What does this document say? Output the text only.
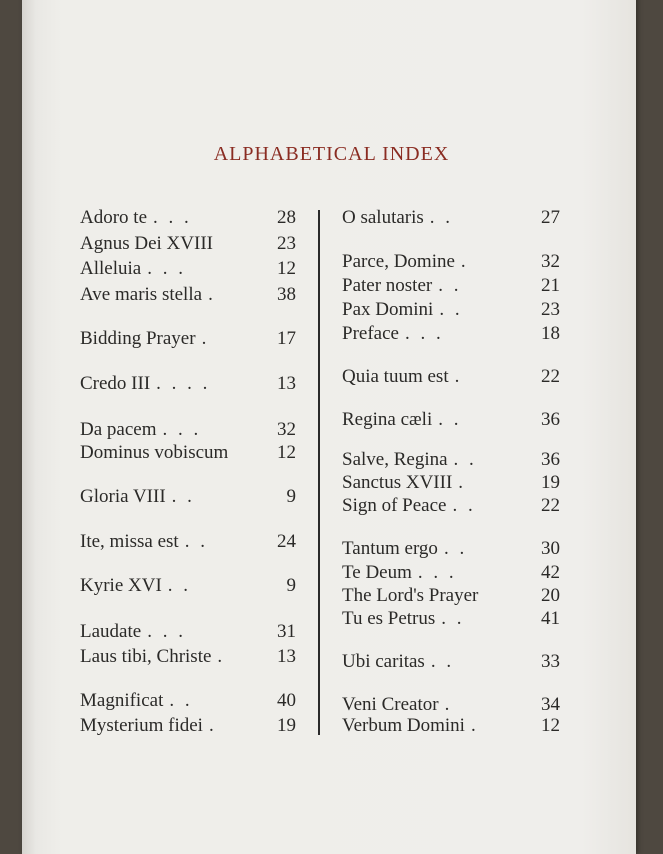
ALPHABETICAL INDEX
Adoro te . . .	28
Agnus Dei XVIII	23
Alleluia . . .	12
Ave maris stella .	38
Bidding Prayer .	17
Credo III . . . .	13
Da pacem . . .	32
Dominus vobiscum	12
Gloria VIII . .	9
Ite, missa est . .	24
Kyrie XVI . .	9
Laudate . . .	31
Laus tibi, Christe .	13
Magnificat . .	40
Mysterium fidei .	19
O salutaris . .	27
Parce, Domine .	32
Pater noster . .	21
Pax Domini . .	23
Preface . . .	18
Quia tuum est .	22
Regina cæli . .	36
Salve, Regina . .	36
Sanctus XVIII .	19
Sign of Peace . .	22
Tantum ergo . .	30
Te Deum . . .	42
The Lord's Prayer	20
Tu es Petrus . .	41
Ubi caritas . .	33
Veni Creator .	34
Verbum Domini .	12
